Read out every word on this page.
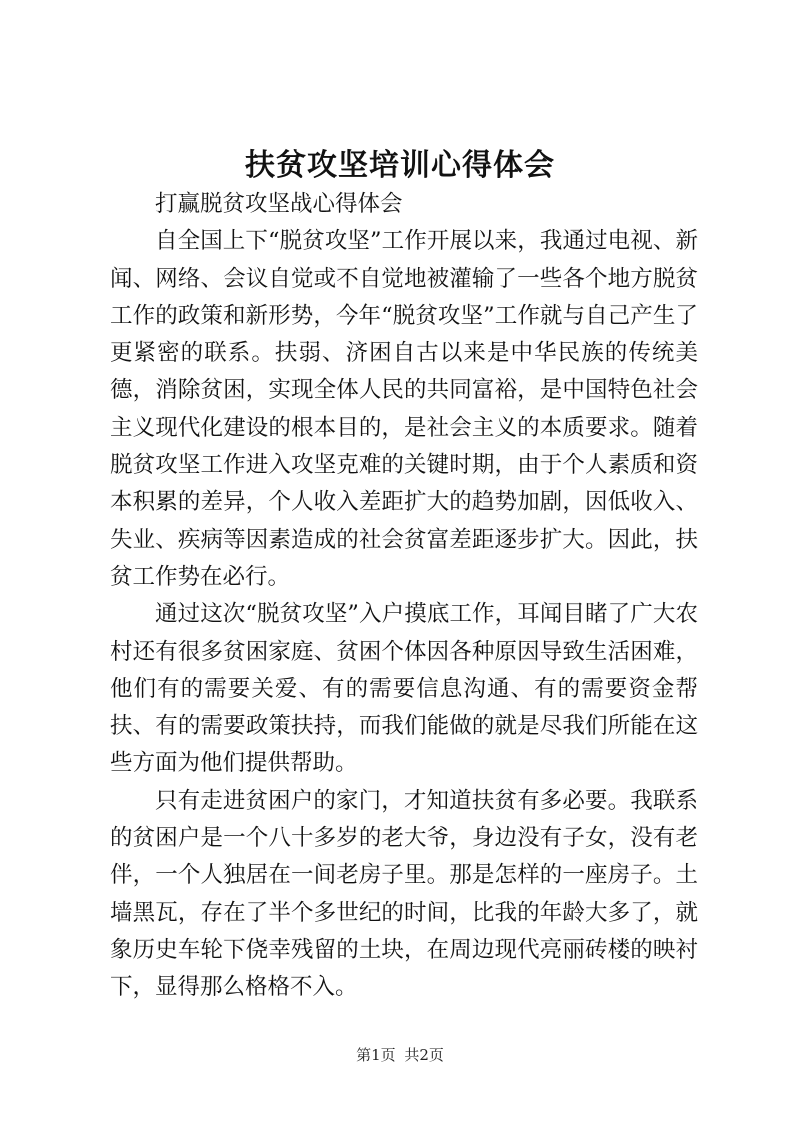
扶贫攻坚培训心得体会

打赢脱贫攻坚战心得体会

自全国上下“脱贫攻坚”工作开展以来，我通过电视、新闻、网络、会议自觉或不自觉地被灌输了一些各个地方脱贫工作的政策和新形势，今年“脱贫攻坚”工作就与自己产生了更紧密的联系。扶弱、济困自古以来是中华民族的传统美德，消除贫困，实现全体人民的共同富裕，是中国特色社会主义现代化建设的根本目的，是社会主义的本质要求。随着脱贫攻坚工作进入攻坚克难的关键时期，由于个人素质和资本积累的差异，个人收入差距扩大的趋势加剧，因低收入、失业、疾病等因素造成的社会贫富差距逐步扩大。因此，扶贫工作势在必行。

通过这次“脱贫攻坚”入户摸底工作，耳闻目睹了广大农村还有很多贫困家庭、贫困个体因各种原因导致生活困难，他们有的需要关爱、有的需要信息沟通、有的需要资金帮扶、有的需要政策扶持，而我们能做的就是尽我们所能在这些方面为他们提供帮助。

只有走进贫困户的家门，才知道扶贫有多必要。我联系的贫困户是一个八十多岁的老大爷，身边没有子女，没有老伴，一个人独居在一间老房子里。那是怎样的一座房子。土墙黑瓦，存在了半个多世纪的时间，比我的年龄大多了，就象历史车轮下侥幸残留的土块，在周边现代亮丽砖楼的映衬下，显得那么格格不入。

第1页 共2页
